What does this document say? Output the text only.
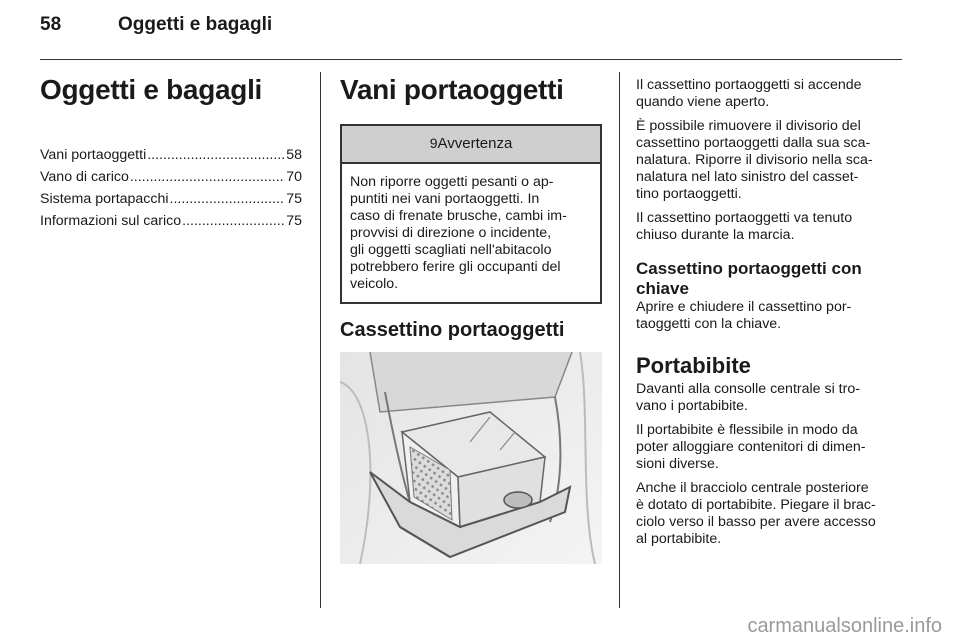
58	Oggetti e bagagli
Oggetti e bagagli
Vani portaoggetti .....	58
Vano di carico .....	70
Sistema portapacchi .....	75
Informazioni sul carico .....	75
Vani portaoggetti
9Avvertenza
Non riporre oggetti pesanti o ap-
puntiti nei vani portaoggetti. In
caso di frenate brusche, cambi im-
provvisi di direzione o incidente,
gli oggetti scagliati nell'abitacolo
potrebbero ferire gli occupanti del
veicolo.
Cassettino portaoggetti

Il cassettino portaoggetti si accende
quando viene aperto.

È possibile rimuovere il divisorio del
cassettino portaoggetti dalla sua sca-
nalatura. Riporre il divisorio nella sca-
nalatura nel lato sinistro del casset-
tino portaoggetti.

Il cassettino portaoggetti va tenuto
chiuso durante la marcia.

Cassettino portaoggetti con
chiave

Aprire e chiudere il cassettino por-
taoggetti con la chiave.

Portabibite

Davanti alla consolle centrale si tro-
vano i portabibite.

Il portabibite è flessibile in modo da
poter alloggiare contenitori di dimen-
sioni diverse.

Anche il bracciolo centrale posteriore
è dotato di portabibite. Piegare il brac-
ciolo verso il basso per avere accesso
al portabibite.

carmanualsonline.info
